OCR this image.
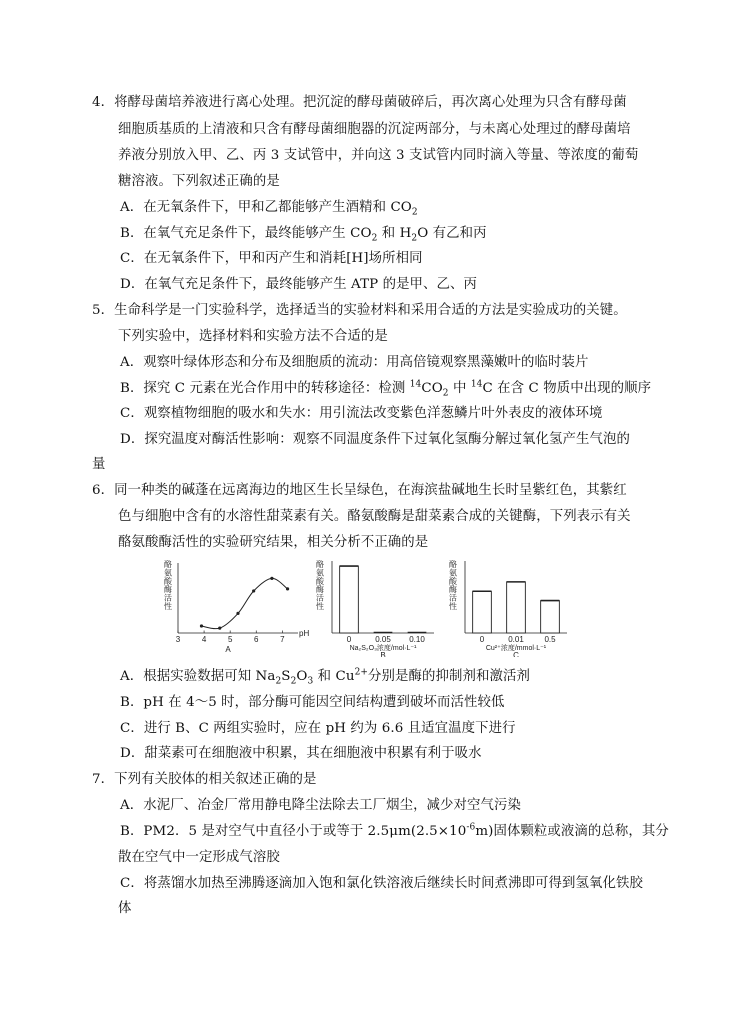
4．将酵母菌培养液进行离心处理。把沉淀的酵母菌破碎后，再次离心处理为只含有酵母菌
细胞质基质的上清液和只含有酵母菌细胞器的沉淀两部分，与未离心处理过的酵母菌培
养液分别放入甲、乙、丙 3 支试管中，并向这 3 支试管内同时滴入等量、等浓度的葡萄
糖溶液。下列叙述正确的是
A．在无氧条件下，甲和乙都能够产生酒精和 $CO_2$
B．在氧气充足条件下，最终能够产生 $CO_2$ 和 $H_2O$ 有乙和丙
C．在无氧条件下，甲和丙产生和消耗[H]场所相同
D．在氧气充足条件下，最终能够产生 ATP 的是甲、乙、丙
5．生命科学是一门实验科学，选择适当的实验材料和采用合适的方法是实验成功的关键。
下列实验中，选择材料和实验方法不合适的是
A．观察叶绿体形态和分布及细胞质的流动：用高倍镜观察黑藻嫩叶的临时装片
B．探究 C 元素在光合作用中的转移途径：检测 $^{14}CO_2$ 中 $^{14}$C 在含 C 物质中出现的顺序
C．观察植物细胞的吸水和失水：用引流法改变紫色洋葱鳞片叶外表皮的液体环境
D．探究温度对酶活性影响：观察不同温度条件下过氧化氢酶分解过氧化氢产生气泡的
量
6．同一种类的碱蓬在远离海边的地区生长呈绿色，在海滨盐碱地生长时呈紫红色，其紫红
色与细胞中含有的水溶性甜菜素有关。酪氨酸酶是甜菜素合成的关键酶，下列表示有关
酪氨酸酶活性的实验研究结果，相关分析不正确的是
酪氨酸酶活性
3	4	5	6	7
pH
A
酪氨酸酶活性
0	0.05 0.10
Na₂S₂O₃浓度/mol·L⁻¹
B
酪氨酸酶活性
0	0.01	0.5
Cu²⁺浓度/mmol·L⁻¹
C
A．根据实验数据可知 $Na_2S_2O_3$ 和 $Cu^{2+}$分别是酶的抑制剂和激活剂
B．pH 在 4～5 时，部分酶可能因空间结构遭到破坏而活性较低
C．进行 B、C 两组实验时，应在 pH 约为 6.6 且适宜温度下进行
D．甜菜素可在细胞液中积累，其在细胞液中积累有利于吸水
7．下列有关胶体的相关叙述正确的是
A．水泥厂、冶金厂常用静电降尘法除去工厂烟尘，减少对空气污染
B．PM2．5 是对空气中直径小于或等于 $2.5\mu m(2.5\times 10^{-6}m)$固体颗粒或液滴的总称，其分
散在空气中一定形成气溶胶
C．将蒸馏水加热至沸腾逐滴加入饱和氯化铁溶液后继续长时间煮沸即可得到氢氧化铁胶
体
